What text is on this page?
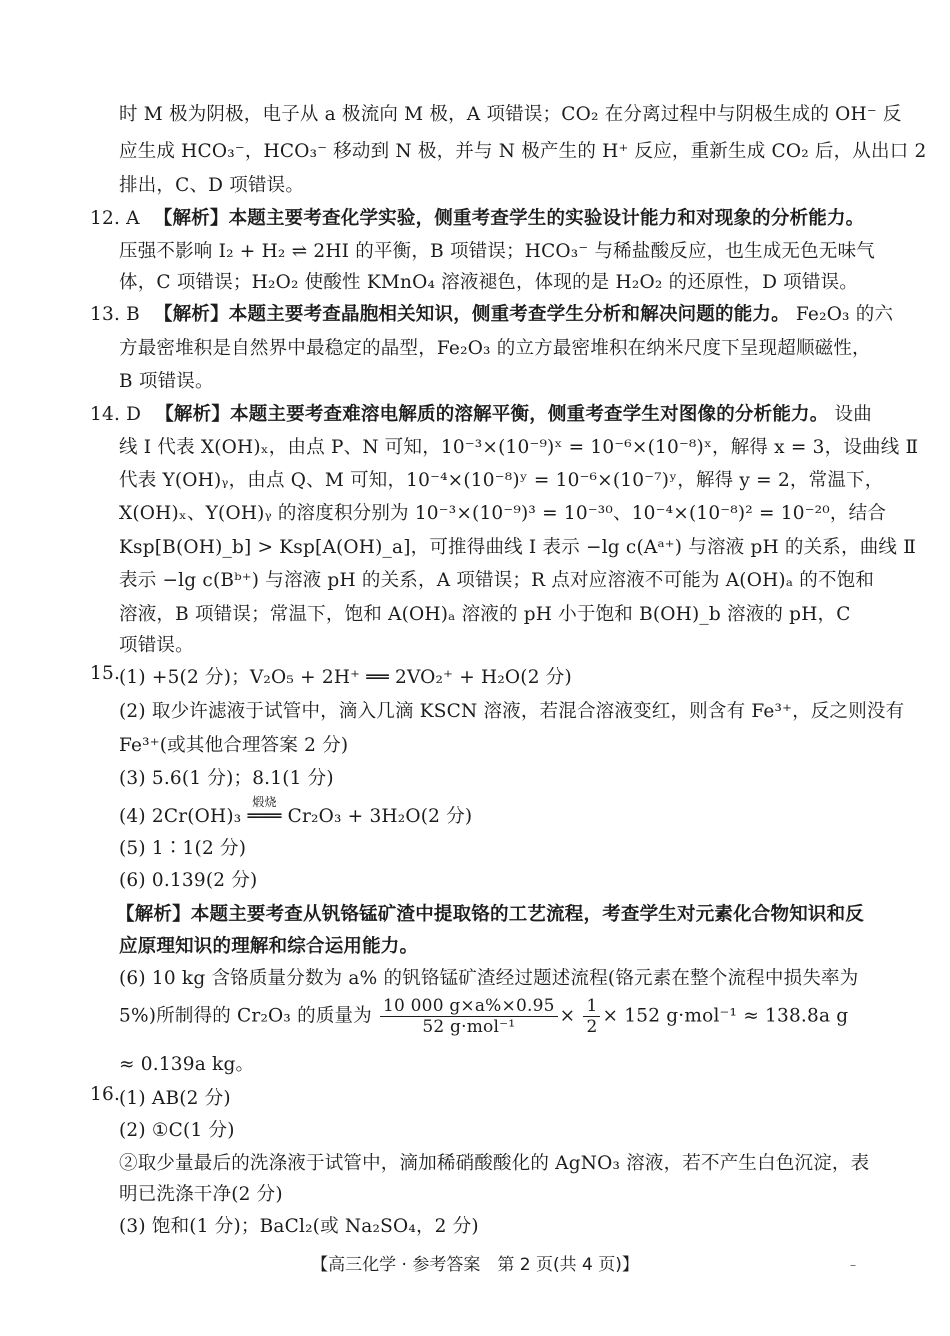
时 M 极为阴极，电子从 a 极流向 M 极，A 项错误；CO₂ 在分离过程中与阴极生成的 OH⁻ 反
应生成 HCO₃⁻，HCO₃⁻ 移动到 N 极，并与 N 极产生的 H⁺ 反应，重新生成 CO₂ 后，从出口 2
排出，C、D 项错误。
12. A 【解析】本题主要考查化学实验，侧重考查学生的实验设计能力和对现象的分析能力。
压强不影响 I₂ + H₂ ⇌ 2HI 的平衡，B 项错误；HCO₃⁻ 与稀盐酸反应，也生成无色无味气
体，C 项错误；H₂O₂ 使酸性 KMnO₄ 溶液褪色，体现的是 H₂O₂ 的还原性，D 项错误。
13. B 【解析】本题主要考查晶胞相关知识，侧重考查学生分析和解决问题的能力。 Fe₂O₃ 的六
方最密堆积是自然界中最稳定的晶型，Fe₂O₃ 的立方最密堆积在纳米尺度下呈现超顺磁性，
B 项错误。
14. D 【解析】本题主要考查难溶电解质的溶解平衡，侧重考查学生对图像的分析能力。 设曲
线 Ⅰ 代表 X(OH)ₓ，由点 P、N 可知，10⁻³×(10⁻⁹)ˣ = 10⁻⁶×(10⁻⁸)ˣ，解得 x = 3，设曲线 Ⅱ
代表 Y(OH)ᵧ，由点 Q、M 可知，10⁻⁴×(10⁻⁸)ʸ = 10⁻⁶×(10⁻⁷)ʸ，解得 y = 2，常温下，
X(OH)ₓ、Y(OH)ᵧ 的溶度积分别为 10⁻³×(10⁻⁹)³ = 10⁻³⁰、10⁻⁴×(10⁻⁸)² = 10⁻²⁰，结合
Ksp[B(OH)_b] > Ksp[A(OH)_a]，可推得曲线 Ⅰ 表示 −lg c(Aᵃ⁺) 与溶液 pH 的关系，曲线 Ⅱ
表示 −lg c(Bᵇ⁺) 与溶液 pH 的关系，A 项错误；R 点对应溶液不可能为 A(OH)ₐ 的不饱和
溶液，B 项错误；常温下，饱和 A(OH)ₐ 溶液的 pH 小于饱和 B(OH)_b 溶液的 pH，C
项错误。
15.
(1) +5(2 分)；V₂O₅ + 2H⁺ ══ 2VO₂⁺ + H₂O(2 分)
(2) 取少许滤液于试管中，滴入几滴 KSCN 溶液，若混合溶液变红，则含有 Fe³⁺，反之则没有
Fe³⁺(或其他合理答案 2 分)
(3) 5.6(1 分)；8.1(1 分)
(4) 2Cr(OH)₃
煅烧
═══ Cr₂O₃ + 3H₂O(2 分)
(5) 1∶1(2 分)
(6) 0.139(2 分)
【解析】本题主要考查从钒铬锰矿渣中提取铬的工艺流程，考查学生对元素化合物知识和反
应原理知识的理解和综合运用能力。
(6) 10 kg 含铬质量分数为 a% 的钒铬锰矿渣经过题述流程(铬元素在整个流程中损失率为
5%)所制得的 Cr₂O₃ 的质量为 $\frac{10 000 g\times a\%\times 0.95}{\text{52 g·mol⁻¹}} \times \frac{1}{2} \times 152$ g·mol⁻¹ ≈ 138.8a g
≈ 0.139a kg。
16.
(1) AB(2 分)
(2) ①C(1 分)
②取少量最后的洗涤液于试管中，滴加稀硝酸酸化的 AgNO₃ 溶液，若不产生白色沉淀，表
明已洗涤干净(2 分)
(3) 饱和(1 分)；BaCl₂(或 Na₂SO₄，2 分)
【高三化学 · 参考答案　第 2 页(共 4 页)】	–
